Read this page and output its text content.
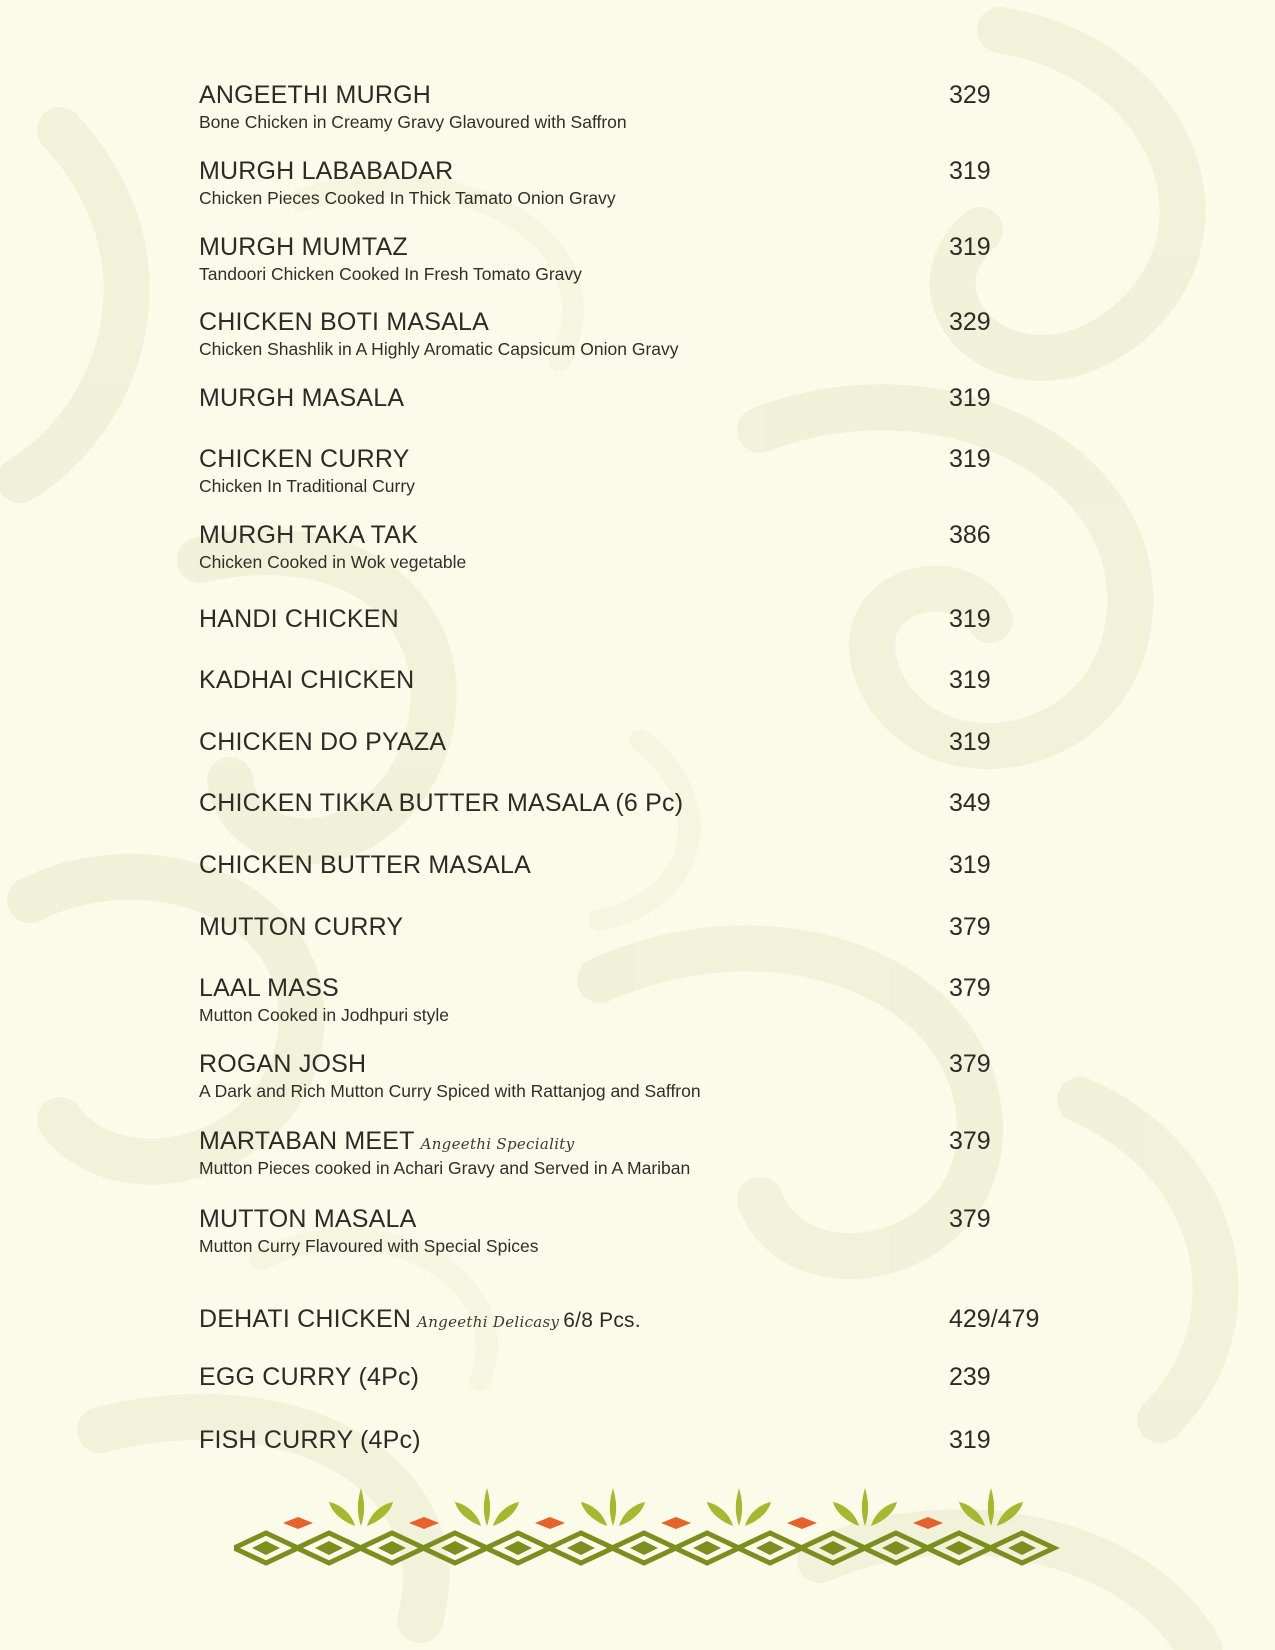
ANGEETHI MURGH
Bone Chicken in Creamy Gravy Glavoured with Saffron
329
MURGH LABABADAR
Chicken Pieces Cooked In Thick Tamato Onion Gravy
319
MURGH MUMTAZ
Tandoori Chicken Cooked In Fresh Tomato Gravy
319
CHICKEN BOTI MASALA
Chicken Shashlik in A Highly Aromatic Capsicum Onion Gravy
329
MURGH MASALA	319
CHICKEN CURRY
Chicken In Traditional Curry
319
MURGH TAKA TAK
Chicken Cooked in Wok vegetable
386
HANDI CHICKEN	319
KADHAI CHICKEN	319
CHICKEN DO PYAZA	319
CHICKEN TIKKA BUTTER MASALA (6 Pc)	349
CHICKEN BUTTER MASALA	319
MUTTON CURRY	379
LAAL MASS
Mutton Cooked in Jodhpuri style
379
ROGAN JOSH
A Dark and Rich Mutton Curry Spiced with Rattanjog and Saffron
379
MARTABAN MEET Angeethi Speciality
Mutton Pieces cooked in Achari Gravy and Served in A Mariban
379
MUTTON MASALA
Mutton Curry Flavoured with Special Spices
379
DEHATI CHICKEN Angeethi Delicasy 6/8 Pcs.	429/479
EGG CURRY (4Pc)	239
FISH CURRY (4Pc)	319
